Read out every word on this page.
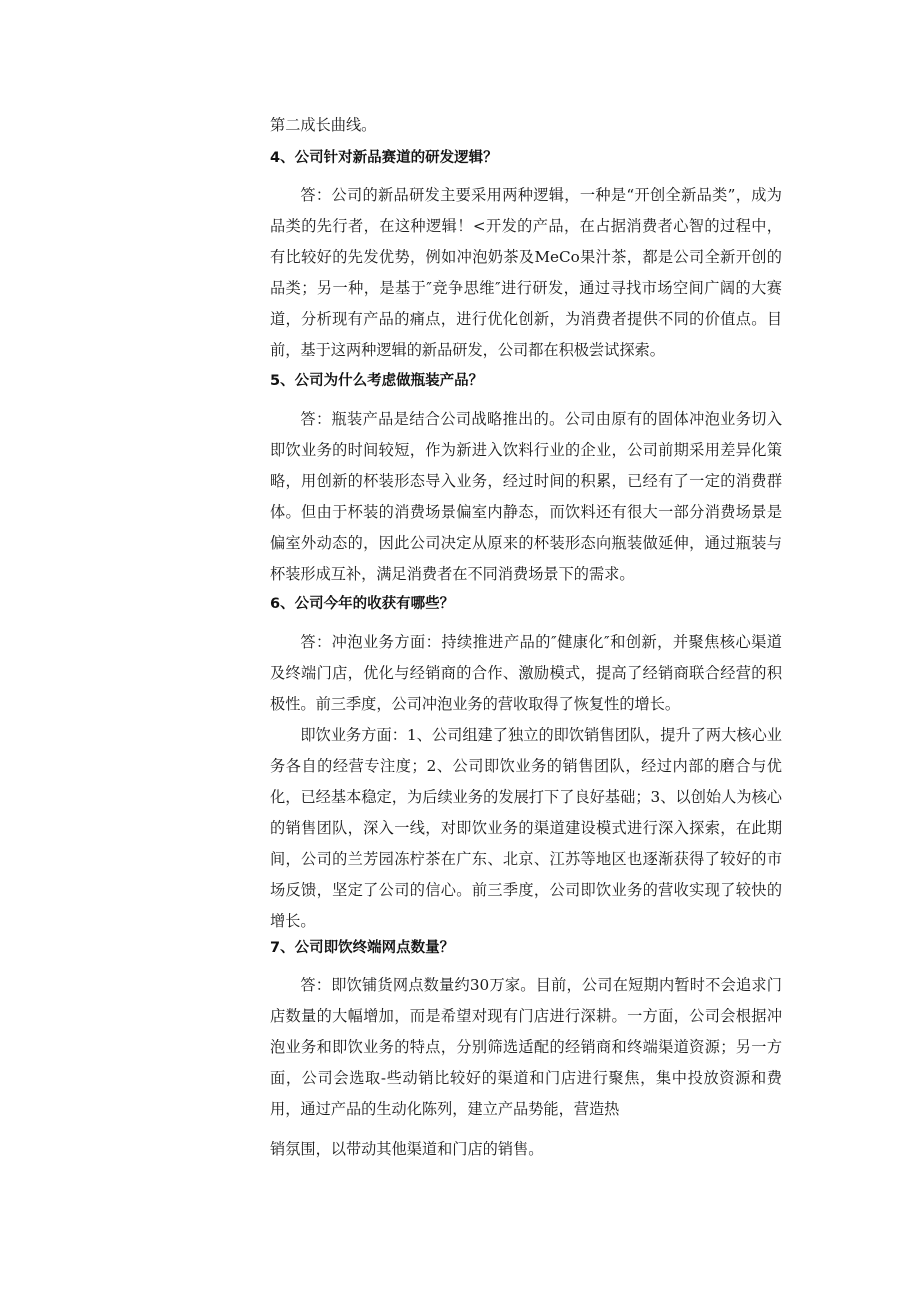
第二成长曲线。

4、公司针对新品赛道的研发逻辑？

答：公司的新品研发主要采用两种逻辑，一种是“开创全新品类”，成为品类的先行者，在这种逻辑！<开发的产品，在占据消费者心智的过程中，有比较好的先发优势，例如冲泡奶茶及MeCo果汁茶，都是公司全新开创的品类；另一种，是基于″竞争思维″进行研发，通过寻找市场空间广阔的大赛道，分析现有产品的痛点，进行优化创新，为消费者提供不同的价值点。目前，基于这两种逻辑的新品研发，公司都在积极尝试探索。

5、公司为什么考虑做瓶装产品？

答：瓶装产品是结合公司战略推出的。公司由原有的固体冲泡业务切入即饮业务的时间较短，作为新进入饮料行业的企业，公司前期采用差异化策略，用创新的杯装形态导入业务，经过时间的积累，已经有了一定的消费群体。但由于杯装的消费场景偏室内静态，而饮料还有很大一部分消费场景是偏室外动态的，因此公司决定从原来的杯装形态向瓶装做延伸，通过瓶装与杯装形成互补，满足消费者在不同消费场景下的需求。

6、公司今年的收获有哪些？

答：冲泡业务方面：持续推进产品的″健康化″和创新，并聚焦核心渠道及终端门店，优化与经销商的合作、激励模式，提高了经销商联合经营的积极性。前三季度，公司冲泡业务的营收取得了恢复性的增长。

即饮业务方面：1、公司组建了独立的即饮销售团队，提升了两大核心业务各自的经营专注度；2、公司即饮业务的销售团队，经过内部的磨合与优化，已经基本稳定，为后续业务的发展打下了良好基础；3、以创始人为核心的销售团队，深入一线，对即饮业务的渠道建设模式进行深入探索，在此期间，公司的兰芳园冻柠茶在广东、北京、江苏等地区也逐渐获得了较好的市场反馈，坚定了公司的信心。前三季度，公司即饮业务的营收实现了较快的增长。

7、公司即饮终端网点数量？

答：即饮铺货网点数量约30万家。目前，公司在短期内暂时不会追求门店数量的大幅增加，而是希望对现有门店进行深耕。一方面，公司会根据冲泡业务和即饮业务的特点，分别筛选适配的经销商和终端渠道资源；另一方面，公司会选取-些动销比较好的渠道和门店进行聚焦，集中投放资源和费用，通过产品的生动化陈列，建立产品势能，营造热

销氛围，以带动其他渠道和门店的销售。
